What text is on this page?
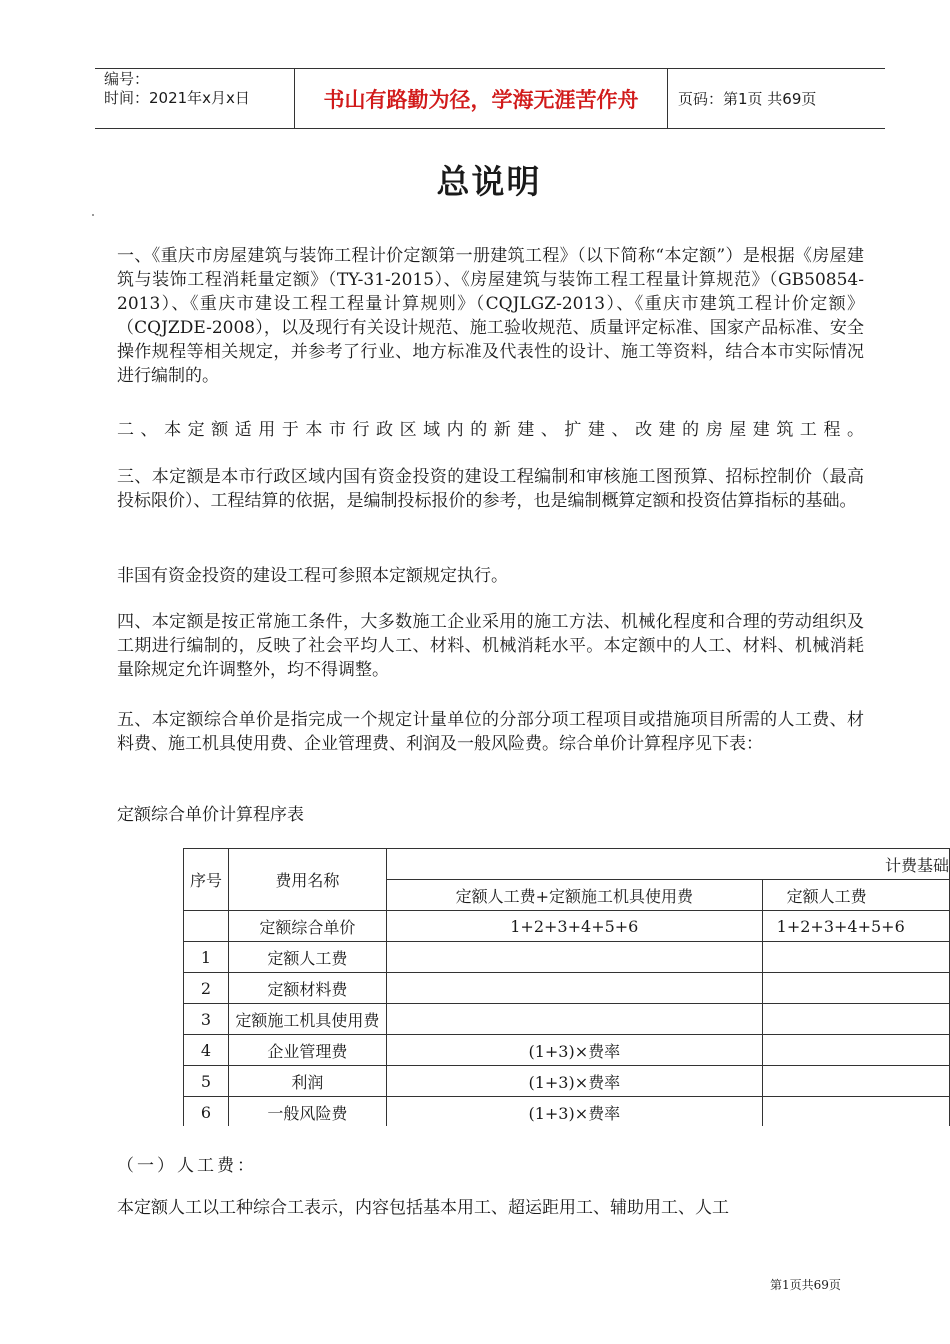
编号：
时间：2021年x月x日	书山有路勤为径，学海无涯苦作舟	页码：第1页 共69页
总说明

一、《重庆市房屋建筑与装饰工程计价定额第一册建筑工程》（以下简称“本定额”）是根据《房屋建筑与装饰工程消耗量定额》（TY-31-2015）、《房屋建筑与装饰工程工程量计算规范》（GB50854-2013）、《重庆市建设工程工程量计算规则》（CQJLGZ-2013）、《重庆市建筑工程计价定额》（CQJZDE-2008），以及现行有关设计规范、施工验收规范、质量评定标准、国家产品标准、安全操作规程等相关规定，并参考了行业、地方标准及代表性的设计、施工等资料，结合本市实际情况进行编制的。

二、本定额适用于本市行政区域内的新建、扩建、改建的房屋建筑工程。

三、本定额是本市行政区域内国有资金投资的建设工程编制和审核施工图预算、招标控制价（最高投标限价）、工程结算的依据，是编制投标报价的参考，也是编制概算定额和投资估算指标的基础。

非国有资金投资的建设工程可参照本定额规定执行。

四、本定额是按正常施工条件，大多数施工企业采用的施工方法、机械化程度和合理的劳动组织及工期进行编制的，反映了社会平均人工、材料、机械消耗水平。本定额中的人工、材料、机械消耗量除规定允许调整外，均不得调整。

五、本定额综合单价是指完成一个规定计量单位的分部分项工程项目或措施项目所需的人工费、材料费、施工机具使用费、企业管理费、利润及一般风险费。综合单价计算程序见下表：

定额综合单价计算程序表
序号	费用名称	计费基础	
		定额人工费+定额施工机具使用费	定额人工费
	定额综合单价	1+2+3+4+5+6	1+2+3+4+5+6
1	定额人工费		
2	定额材料费		
3	定额施工机具使用费		
4	企业管理费	(1+3)×费率	
5	利润	(1+3)×费率	
6	一般风险费	(1+3)×费率	
（一）人工费：
本定额人工以工种综合工表示，内容包括基本用工、超运距用工、辅助用工、人工
第1页共69页
